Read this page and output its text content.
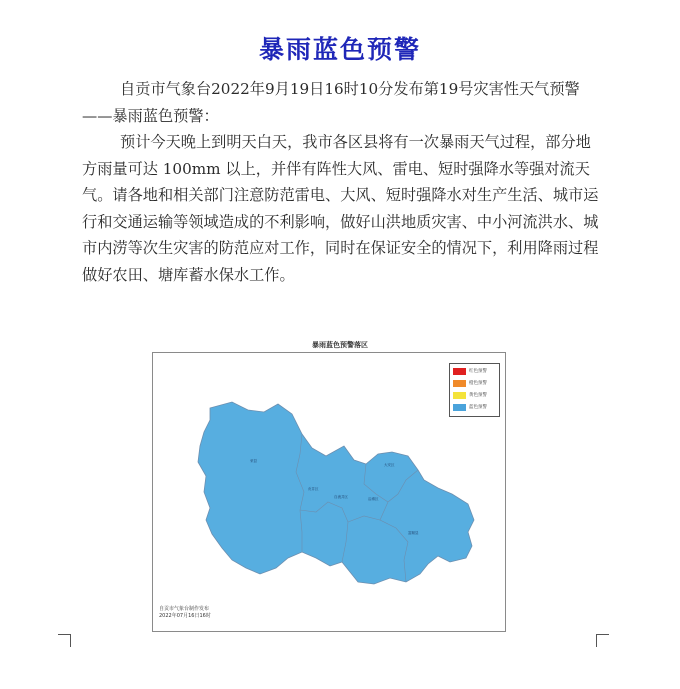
暴雨蓝色预警

自贡市气象台2022年9月19日16时10分发布第19号灾害性天气预警——暴雨蓝色预警：

预计今天晚上到明天白天，我市各区县将有一次暴雨天气过程，部分地方雨量可达 100mm 以上，并伴有阵性大风、雷电、短时强降水等强对流天气。请各地和相关部门注意防范雷电、大风、短时强降水对生产生活、城市运行和交通运输等领域造成的不利影响，做好山洪地质灾害、中小河流洪水、城市内涝等次生灾害的防范应对工作，同时在保证安全的情况下，利用降雨过程做好农田、塘库蓄水保水工作。

暴雨蓝色预警落区
荣县
贡井区
自流井区
大安区
沿滩区
富顺县
红色预警
橙色预警
黄色预警
蓝色预警
自贡市气象台制作发布
2022年07月16日16时
